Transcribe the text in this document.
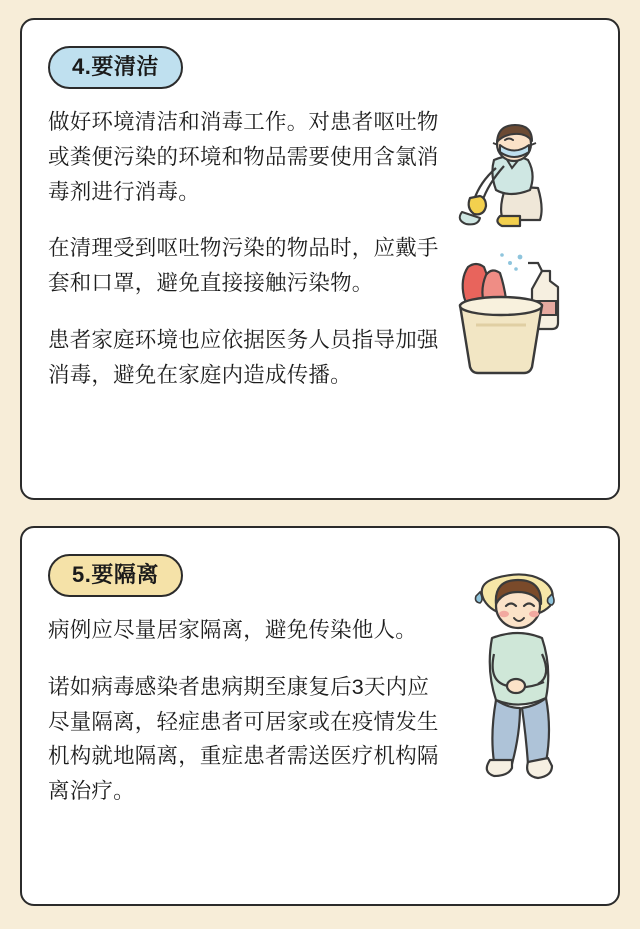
4.要清洁

做好环境清洁和消毒工作。对患者呕吐物或粪便污染的环境和物品需要使用含氯消毒剂进行消毒。

在清理受到呕吐物污染的物品时，应戴手套和口罩，避免直接接触污染物。

患者家庭环境也应依据医务人员指导加强消毒，避免在家庭内造成传播。

5.要隔离

病例应尽量居家隔离，避免传染他人。

诺如病毒感染者患病期至康复后3天内应尽量隔离，轻症患者可居家或在疫情发生机构就地隔离，重症患者需送医疗机构隔离治疗。
